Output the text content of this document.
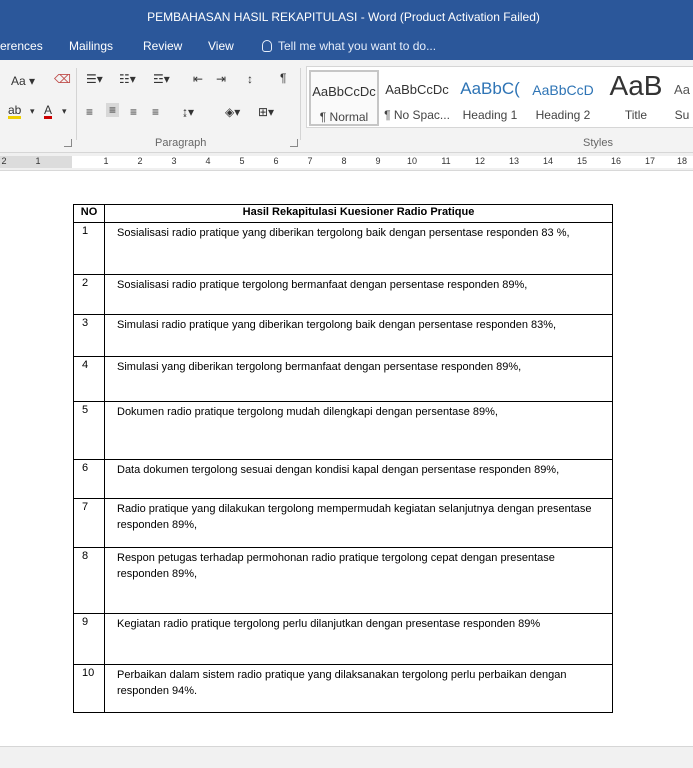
PEMBAHASAN HASIL REKAPITULASI - Word (Product Activation Failed)
erences Mailings Review View	Tell me what you want to do...
Aa ▾ ⌫
ab ▾ A ▾
☰▾ ☷▾ ☲▾ ⇤ ⇥ ↕ ¶
≡ ≡ ≡ ≡ ↨▾	◈▾ ⊞▾
Paragraph
AaBbCcDc
¶ Normal
AaBbCcDc
¶ No Spac...
AaBbC(
Heading 1
AaBbCcD
Heading 2
AaB
Title
Aa
Su
Styles
2	1	1	2	3	4	5	6	7	8	9	10	11	12	13	14	15	16	17 18
NO	Hasil Rekapitulasi Kuesioner Radio Pratique
1	Sosialisasi radio pratique yang diberikan tergolong baik dengan persentase responden 83 %,
2	Sosialisasi radio pratique tergolong bermanfaat dengan persentase responden 89%,
3	Simulasi radio pratique yang diberikan tergolong baik dengan persentase responden 83%,
4	Simulasi yang diberikan tergolong bermanfaat dengan persentase responden 89%,
5	Dokumen radio pratique tergolong mudah dilengkapi dengan persentase 89%,
6	Data dokumen tergolong sesuai dengan kondisi kapal dengan persentase responden 89%,
7	Radio pratique yang dilakukan tergolong mempermudah kegiatan selanjutnya dengan presentase responden 89%,
8	Respon petugas terhadap permohonan radio pratique tergolong cepat dengan presentase responden 89%,
9	Kegiatan radio pratique tergolong perlu dilanjutkan dengan presentase responden 89%
10	Perbaikan dalam sistem radio pratique yang dilaksanakan tergolong perlu perbaikan dengan responden 94%.
